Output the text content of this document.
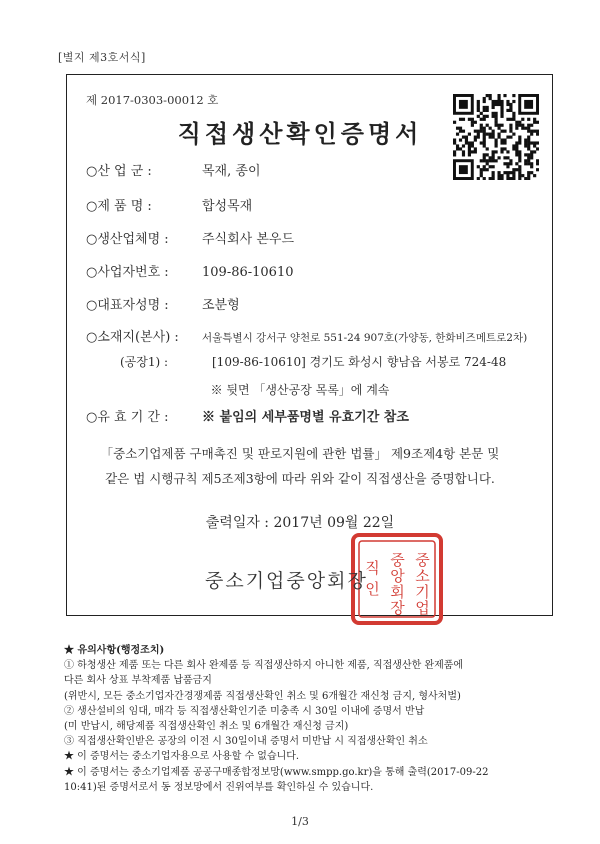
[별지 제3호서식]
제 2017-0303-00012 호
직접생산확인증명서
○산 업 군 :	목재, 종이
○제 품 명 :	합성목재
○생산업체명 :	주식회사 본우드
○사업자번호 :	109-86-10610
○대표자성명 :	조분형
○소재지(본사) : 서울특별시 강서구 양천로 551-24 907호(가양동, 한화비즈메트로2차)
(공장1) :	[109-86-10610] 경기도 화성시 향남읍 서봉로 724-48
※ 뒷면 「생산공장 목록」에 계속
○유 효 기 간 :	※ 붙임의 세부품명별 유효기간 참조
「중소기업제품 구매촉진 및 판로지원에 관한 법률」 제9조제4항 본문 및
같은 법 시행규칙 제5조제3항에 따라 위와 같이 직접생산을 증명합니다.
출력일자 : 2017년 09월 22일
중소기업
중앙회장
직인
중소기업중앙회장
★ 유의사항(행정조치)
① 하청생산 제품 또는 다른 회사 완제품 등 직접생산하지 아니한 제품, 직접생산한 완제품에
다른 회사 상표 부착제품 납품금지
(위반시, 모든 중소기업자간경쟁제품 직접생산확인 취소 및 6개월간 재신청 금지, 형사처벌)
② 생산설비의 임대, 매각 등 직접생산확인기준 미충족 시 30일 이내에 증명서 반납
(미 반납시, 해당제품 직접생산확인 취소 및 6개월간 재신청 금지)
③ 직접생산확인받은 공장의 이전 시 30일이내 증명서 미반납 시 직접생산확인 취소
★ 이 증명서는 중소기업자용으로 사용할 수 없습니다.
★ 이 증명서는 중소기업제품 공공구매종합정보망(www.smpp.go.kr)을 통해 출력(2017-09-22
10:41)된 증명서로서 동 정보망에서 진위여부를 확인하실 수 있습니다.
1/3
